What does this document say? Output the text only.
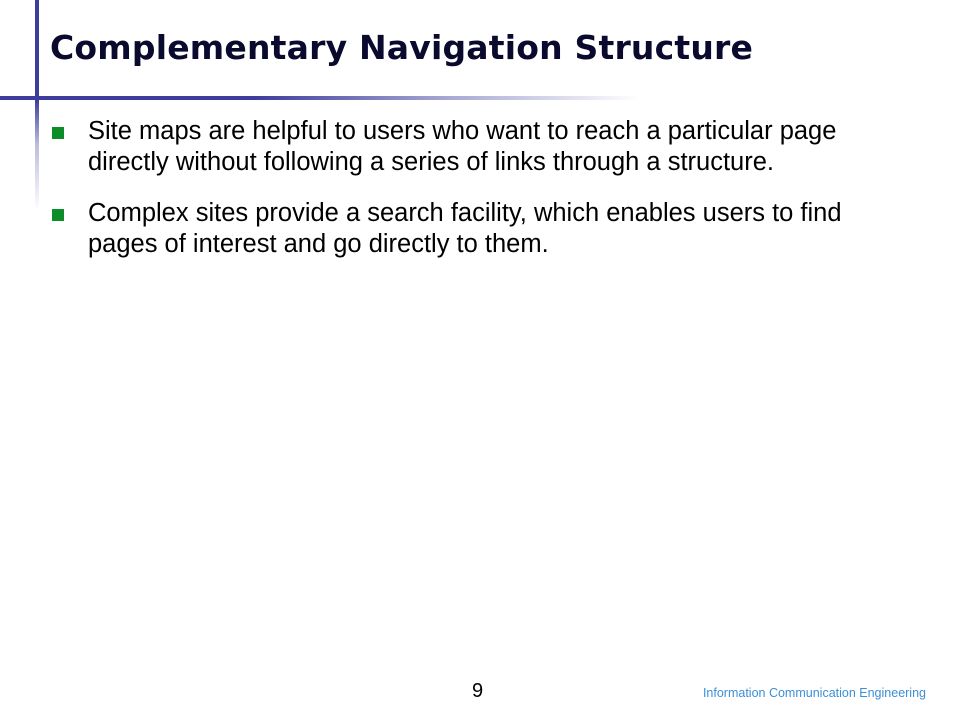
Complementary Navigation Structure
Site maps are helpful to users who want to reach a particular page directly without following a series of links through a structure.
Complex sites provide a search facility, which enables users to find pages of interest and go directly to them.
9	Information Communication Engineering
